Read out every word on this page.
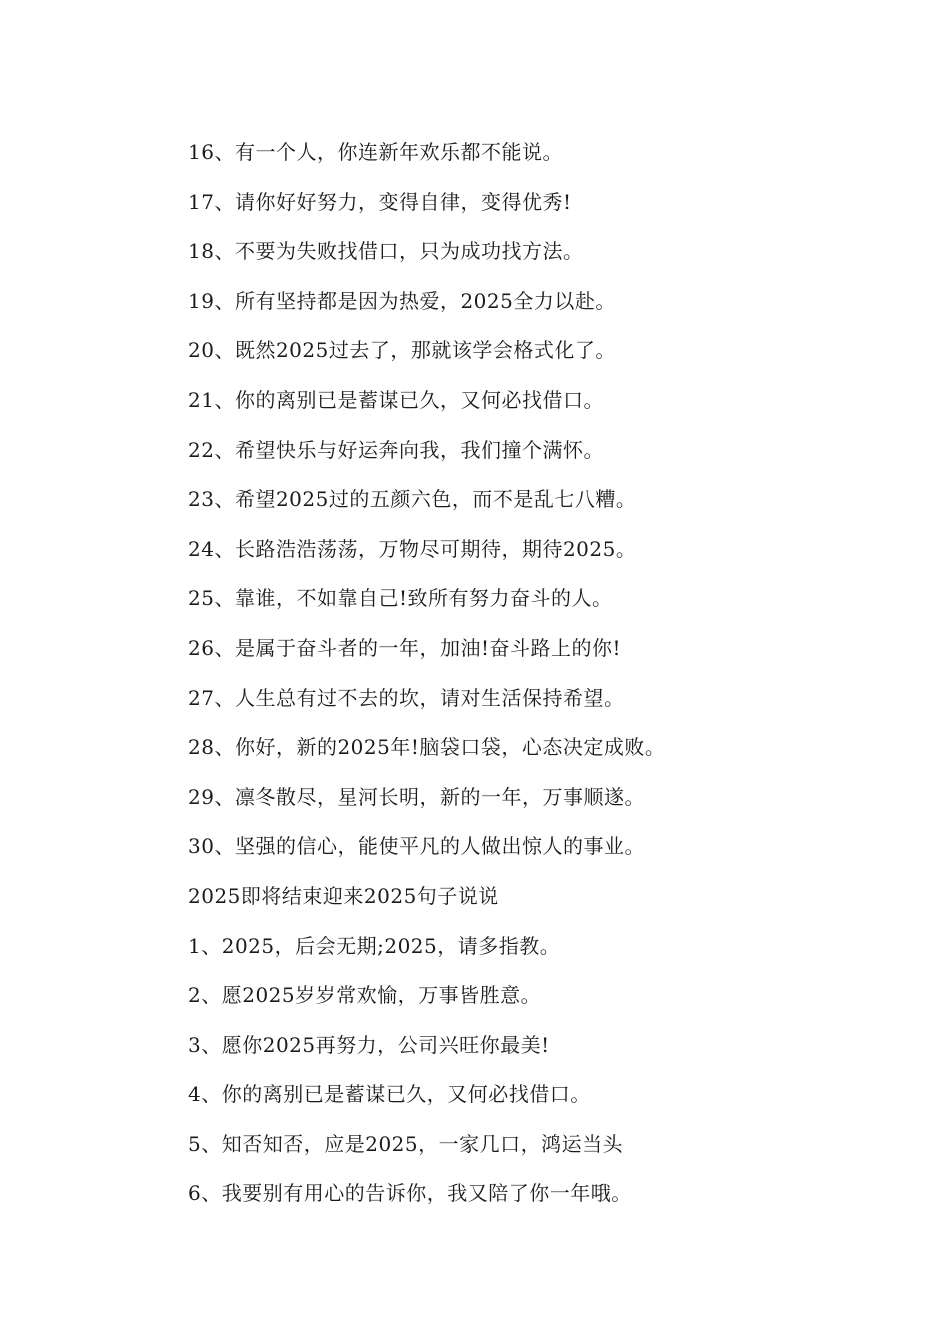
16、有一个人，你连新年欢乐都不能说。
17、请你好好努力，变得自律，变得优秀!
18、不要为失败找借口，只为成功找方法。
19、所有坚持都是因为热爱，2025全力以赴。
20、既然2025过去了，那就该学会格式化了。
21、你的离别已是蓄谋已久，又何必找借口。
22、希望快乐与好运奔向我，我们撞个满怀。
23、希望2025过的五颜六色，而不是乱七八糟。
24、长路浩浩荡荡，万物尽可期待，期待2025。
25、靠谁，不如靠自己!致所有努力奋斗的人。
26、是属于奋斗者的一年，加油!奋斗路上的你!
27、人生总有过不去的坎，请对生活保持希望。
28、你好，新的2025年!脑袋口袋，心态决定成败。
29、凛冬散尽，星河长明，新的一年，万事顺遂。
30、坚强的信心，能使平凡的人做出惊人的事业。
2025即将结束迎来2025句子说说
1、2025，后会无期;2025，请多指教。
2、愿2025岁岁常欢愉，万事皆胜意。
3、愿你2025再努力，公司兴旺你最美!
4、你的离别已是蓄谋已久，又何必找借口。
5、知否知否，应是2025，一家几口，鸿运当头
6、我要别有用心的告诉你，我又陪了你一年哦。
